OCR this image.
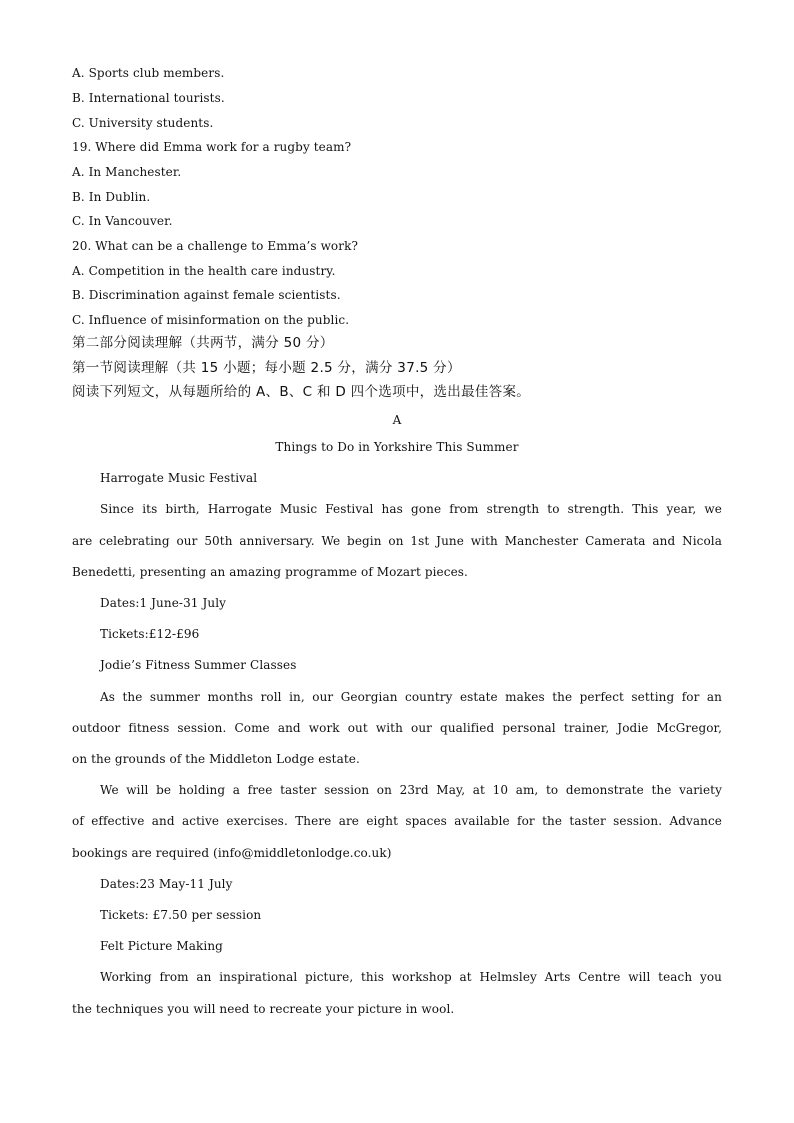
A. Sports club members.
B. International tourists.
C. University students.
19. Where did Emma work for a rugby team?
A. In Manchester.
B. In Dublin.
C. In Vancouver.
20. What can be a challenge to Emma’s work?
A. Competition in the health care industry.
B. Discrimination against female scientists.
C. Influence of misinformation on the public.
第二部分阅读理解（共两节，满分 50 分）
第一节阅读理解（共 15 小题；每小题 2.5 分，满分 37.5 分）
阅读下列短文，从每题所给的 A、B、C 和 D 四个选项中，选出最佳答案。
A
Things to Do in Yorkshire This Summer
Harrogate Music Festival
Since its birth, Harrogate Music Festival has gone from strength to strength. This year, we
are celebrating our 50th anniversary. We begin on 1st June with Manchester Camerata and Nicola
Benedetti, presenting an amazing programme of Mozart pieces.
Dates:1 June-31 July
Tickets:£12-£96
Jodie’s Fitness Summer Classes
As the summer months roll in, our Georgian country estate makes the perfect setting for an
outdoor fitness session. Come and work out with our qualified personal trainer, Jodie McGregor,
on the grounds of the Middleton Lodge estate.
We will be holding a free taster session on 23rd May, at 10 am, to demonstrate the variety
of effective and active exercises. There are eight spaces available for the taster session. Advance
bookings are required (info@middletonlodge.co.uk)
Dates:23 May-11 July
Tickets: £7.50 per session
Felt Picture Making
Working from an inspirational picture, this workshop at Helmsley Arts Centre will teach you
the techniques you will need to recreate your picture in wool.
